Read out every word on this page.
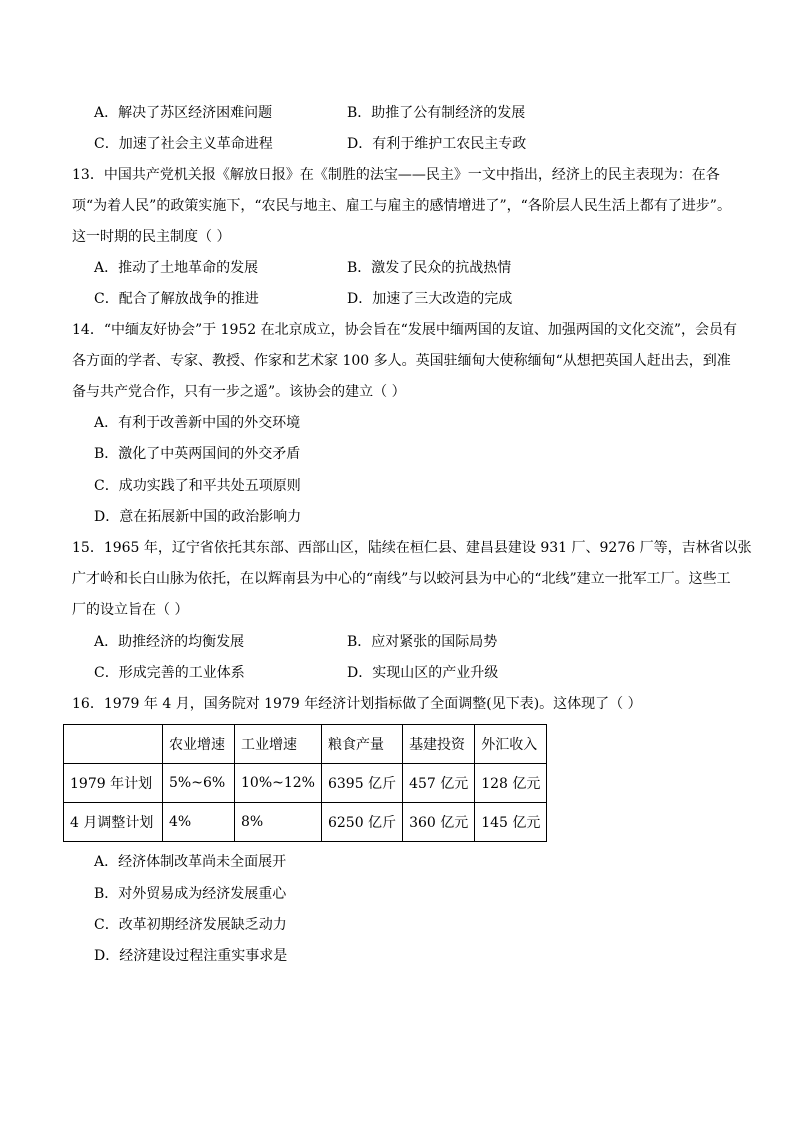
A．解决了苏区经济困难问题	B．助推了公有制经济的发展
C．加速了社会主义革命进程	D．有利于维护工农民主专政
13．中国共产党机关报《解放日报》在《制胜的法宝——民主》一文中指出，经济上的民主表现为：在各
项“为着人民”的政策实施下，“农民与地主、雇工与雇主的感情增进了”，“各阶层人民生活上都有了进步”。
这一时期的民主制度（ ）
A．推动了土地革命的发展	B．激发了民众的抗战热情
C．配合了解放战争的推进	D．加速了三大改造的完成
14．“中缅友好协会”于 1952 在北京成立，协会旨在“发展中缅两国的友谊、加强两国的文化交流”，会员有
各方面的学者、专家、教授、作家和艺术家 100 多人。英国驻缅甸大使称缅甸“从想把英国人赶出去，到准
备与共产党合作，只有一步之遥”。该协会的建立（ ）
A．有利于改善新中国的外交环境
B．激化了中英两国间的外交矛盾
C．成功实践了和平共处五项原则
D．意在拓展新中国的政治影响力
15．1965 年，辽宁省依托其东部、西部山区，陆续在桓仁县、建昌县建设 931 厂、9276 厂等，吉林省以张
广才岭和长白山脉为依托，在以辉南县为中心的“南线”与以蛟河县为中心的“北线”建立一批军工厂。这些工
厂的设立旨在（ ）
A．助推经济的均衡发展	B．应对紧张的国际局势
C．形成完善的工业体系	D．实现山区的产业升级
16．1979 年 4 月，国务院对 1979 年经济计划指标做了全面调整(见下表)。这体现了（ ）
	农业增速	工业增速	粮食产量	基建投资	外汇收入
1979 年计划	5%~6%	10%~12%	6395 亿斤	457 亿元	128 亿元
4 月调整计划	4%	8%	6250 亿斤	360 亿元	145 亿元
A．经济体制改革尚未全面展开
B．对外贸易成为经济发展重心
C．改革初期经济发展缺乏动力
D．经济建设过程注重实事求是
